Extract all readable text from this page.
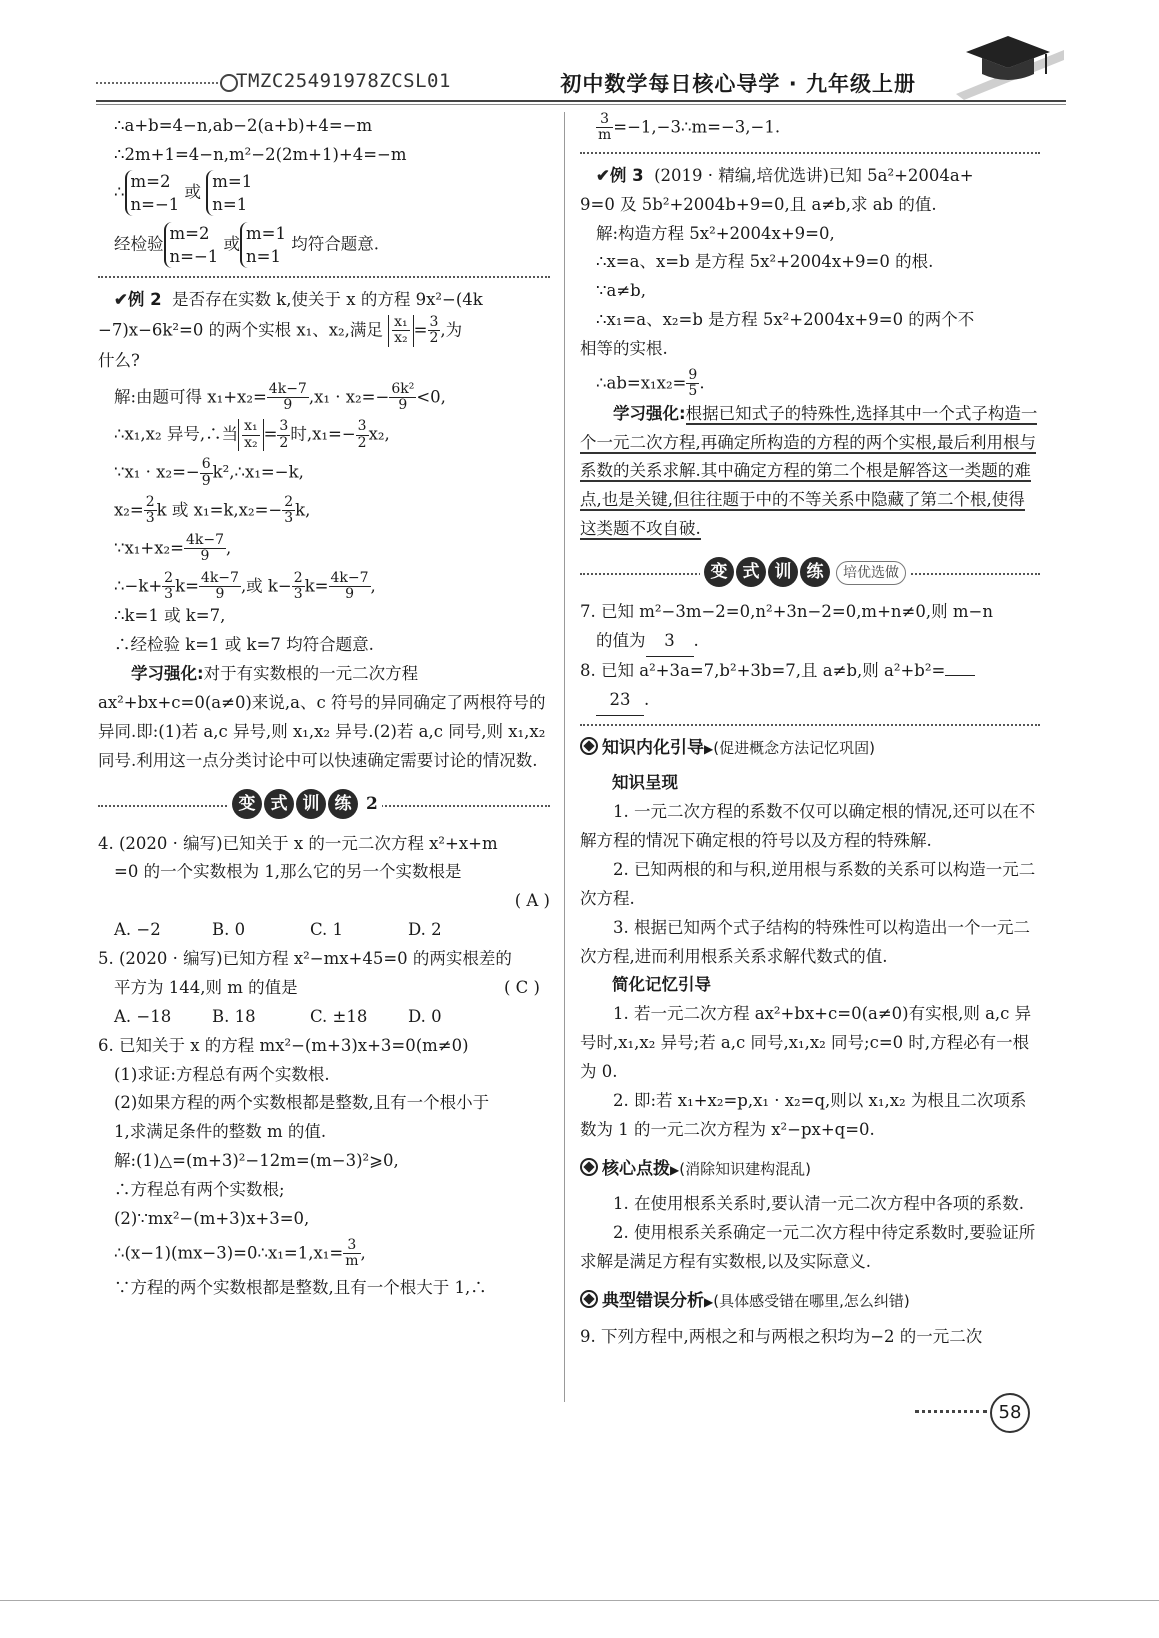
TMZC25491978ZCSL01	初中数学每日核心导学 · 九年级上册
∴a+b=4−n,ab−2(a+b)+4=−m
∴2m+1=4−n,m²−2(2m+1)+4=−m
∴
m=2
n=−1
或
m=1
n=1
经检验
m=2
n=−1
或
m=1
n=1
均符合题意.
✔例 2 是否存在实数 k,使关于 x 的方程 9x²−(4k
−7)x−6k²=0 的两个实根 x₁、x₂,满足 $\frac{\text{x₁}}{\text{x₂}} = \frac{3}{2}$ ,为
什么?
解:由题可得 $x_1+x_2= \frac{4k-7}{9} ,x_1 \cdot x_2=- \frac{\text{6k²}}{9} <0$,
∴x₁,x₂ 异号,∴当 $\frac{\text{x₁}}{\text{x₂}} = \frac{3}{2}$ 时$,x_1=- \frac{3}{2} x_2$,
∵x₁ · $x_2=- \frac{6}{9}$ k²,∴x₁=−k,
$x_2= \frac{2}{3}$ k 或 $x_1=k,x_2=- \frac{2}{3} k$,
∵x₁+x₂= $\frac{4k-7}{9}$ ,
∴−k+ $\frac{2}{3} k= \frac{4k-7}{9}$ ,或 $k- \frac{2}{3} k= \frac{4k-7}{9}$ ,
∴k=1 或 k=7,
∴经检验 k=1 或 k=7 均符合题意.
学习强化:对于有实数根的一元二次方程 ax²+bx+c=0(a≠0)来说,a、c 符号的异同确定了两根符号的异同.即:(1)若 a,c 异号,则 x₁,x₂ 异号.(2)若 a,c 同号,则 x₁,x₂ 同号.利用这一点分类讨论中可以快速确定需要讨论的情况数.
变 式 训 练 2
4. (2020 · 编写)已知关于 x 的一元二次方程 x²+x+m
=0 的一个实数根为 1,那么它的另一个实数根是
( A )
A. −2	B. 0	C. 1	D. 2
5. (2020 · 编写)已知方程 x²−mx+45=0 的两实根差的
平方为 144,则 m 的值是	( C )
A. −18	B. 18	C. ±18	D. 0
6. 已知关于 x 的方程 mx²−(m+3)x+3=0(m≠0)
(1)求证:方程总有两个实数根.
(2)如果方程的两个实数根都是整数,且有一个根小于
1,求满足条件的整数 m 的值.
解:(1)△=(m+3)²−12m=(m−3)²⩾0,
∴方程总有两个实数根;
(2)∵mx²−(m+3)x+3=0,
∴(x−1)(mx−3)=0∴x₁=1,x₁= $\frac{3}{m}$ ,
∵方程的两个实数根都是整数,且有一个根大于 1,∴
$\frac{3}{m}$ =−1,−3∴m=−3,−1.
✔例 3 (2019 · 精编,培优选讲)已知 5a²+2004a+
9=0 及 5b²+2004b+9=0,且 a≠b,求 ab 的值.
解:构造方程 5x²+2004x+9=0,
∴x=a、x=b 是方程 5x²+2004x+9=0 的根.
∵a≠b,
∴x₁=a、x₂=b 是方程 5x²+2004x+9=0 的两个不
相等的实根.
∴ab=x₁x₂= $\frac{9}{5}$ .
学习强化:根据已知式子的特殊性,选择其中一个式子构造一个一元二次方程,再确定所构造的方程的两个实根,最后利用根与系数的关系求解.其中确定方程的第二个根是解答这一类题的难点,也是关键,但往往题于中的不等关系中隐藏了第二个根,使得这类题不攻自破.
变 式 训 练	培优选做
7. 已知 m²−3m−2=0,n²+3n−2=0,m+n≠0,则 m−n
的值为 3 .
8. 已知 a²+3a=7,b²+3b=7,且 a≠b,则 a²+b²=
23 .
知识内化引导▶(促进概念方法记忆巩固)
知识呈现
1. 一元二次方程的系数不仅可以确定根的情况,还可以在不解方程的情况下确定根的符号以及方程的特殊解.
2. 已知两根的和与积,逆用根与系数的关系可以构造一元二次方程.
3. 根据已知两个式子结构的特殊性可以构造出一个一元二次方程,进而利用根系关系求解代数式的值.
简化记忆引导
1. 若一元二次方程 ax²+bx+c=0(a≠0)有实根,则 a,c 异号时,x₁,x₂ 异号;若 a,c 同号,x₁,x₂ 同号;c=0 时,方程必有一根为 0.
2. 即:若 x₁+x₂=p,x₁ · x₂=q,则以 x₁,x₂ 为根且二次项系数为 1 的一元二次方程为 x²−px+q=0.
核心点拨▶(消除知识建构混乱)
1. 在使用根系关系时,要认清一元二次方程中各项的系数.
2. 使用根系关系确定一元二次方程中待定系数时,要验证所求解是满足方程有实数根,以及实际意义.
典型错误分析▶(具体感受错在哪里,怎么纠错)
9. 下列方程中,两根之和与两根之积均为−2 的一元二次
58
